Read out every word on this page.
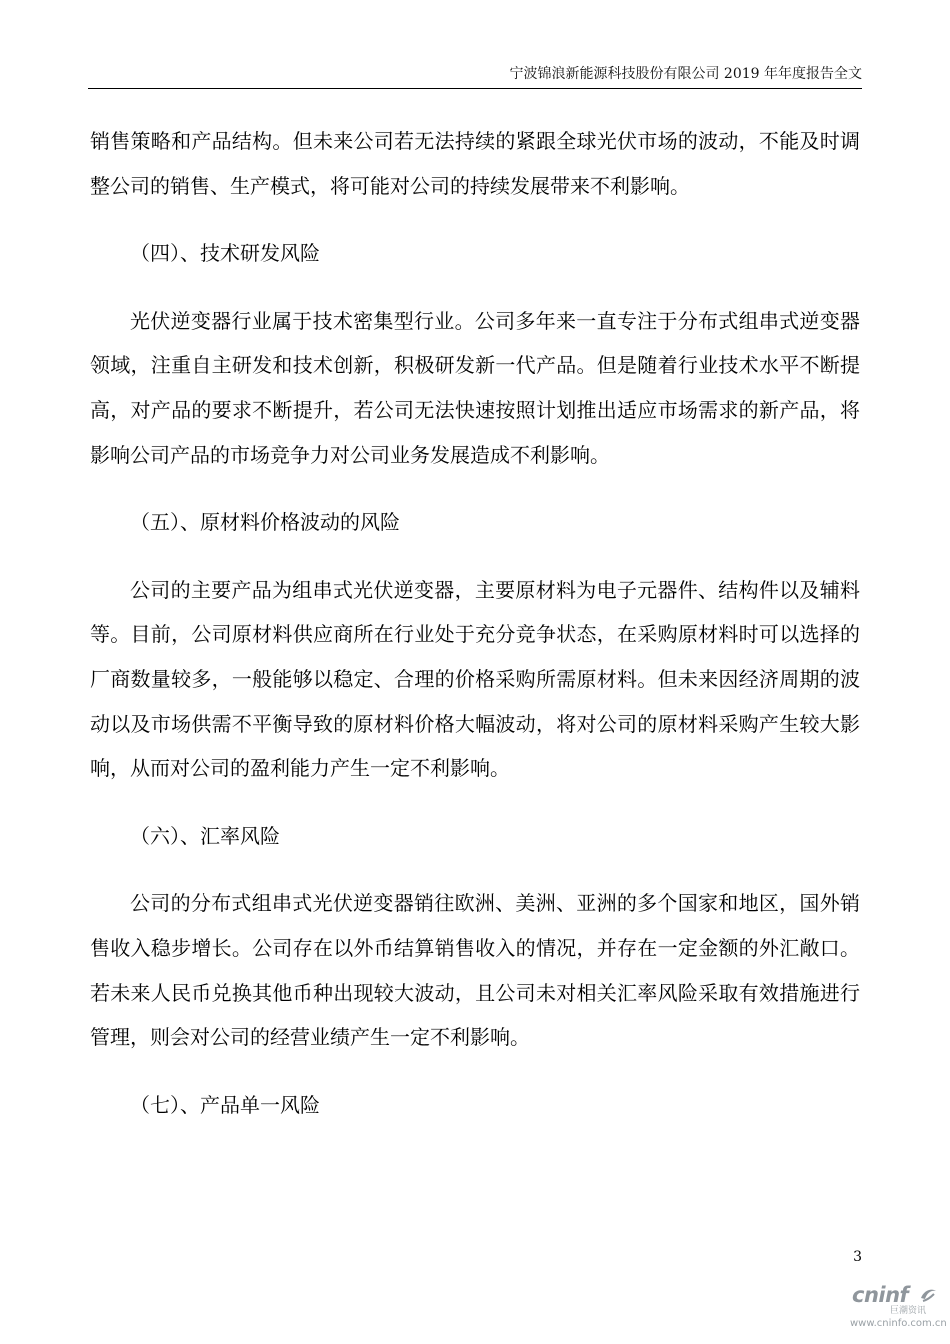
宁波锦浪新能源科技股份有限公司 2019 年年度报告全文

销售策略和产品结构。但未来公司若无法持续的紧跟全球光伏市场的波动，不能及时调整公司的销售、生产模式，将可能对公司的持续发展带来不利影响。

（四）、技术研发风险

光伏逆变器行业属于技术密集型行业。公司多年来一直专注于分布式组串式逆变器领域，注重自主研发和技术创新，积极研发新一代产品。但是随着行业技术水平不断提高，对产品的要求不断提升，若公司无法快速按照计划推出适应市场需求的新产品，将影响公司产品的市场竞争力对公司业务发展造成不利影响。

（五）、原材料价格波动的风险

公司的主要产品为组串式光伏逆变器，主要原材料为电子元器件、结构件以及辅料等。目前，公司原材料供应商所在行业处于充分竞争状态，在采购原材料时可以选择的厂商数量较多，一般能够以稳定、合理的价格采购所需原材料。但未来因经济周期的波动以及市场供需不平衡导致的原材料价格大幅波动，将对公司的原材料采购产生较大影响，从而对公司的盈利能力产生一定不利影响。

（六）、汇率风险

公司的分布式组串式光伏逆变器销往欧洲、美洲、亚洲的多个国家和地区，国外销售收入稳步增长。公司存在以外币结算销售收入的情况，并存在一定金额的外汇敞口。若未来人民币兑换其他币种出现较大波动，且公司未对相关汇率风险采取有效措施进行管理，则会对公司的经营业绩产生一定不利影响。

（七）、产品单一风险

3
cninf
巨潮资讯
www.cninfo.com.cn
